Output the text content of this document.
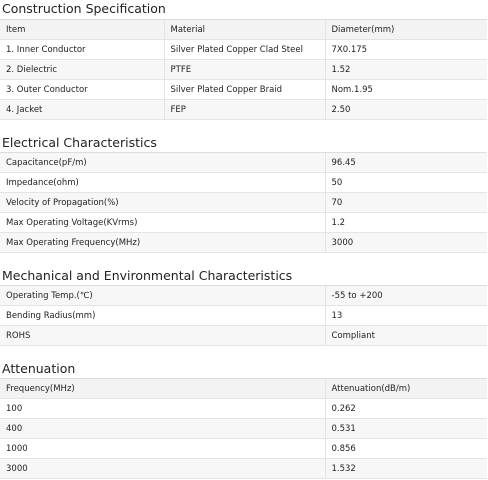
Construction Specification
Item	Material	Diameter(mm)
1. Inner Conductor	Silver Plated Copper Clad Steel	7X0.175
2. Dielectric	PTFE	1.52
3. Outer Conductor	Silver Plated Copper Braid	Nom.1.95
4. Jacket	FEP	2.50
Electrical Characteristics
Capacitance(pF/m)	96.45
Impedance(ohm)	50
Velocity of Propagation(%)	70
Max Operating Voltage(KVrms)	1.2
Max Operating Frequency(MHz)	3000
Mechanical and Environmental Characteristics
Operating Temp.(℃)	-55 to +200
Bending Radius(mm)	13
ROHS	Compliant
Attenuation
Frequency(MHz)	Attenuation(dB/m)
100	0.262
400	0.531
1000	0.856
3000	1.532
